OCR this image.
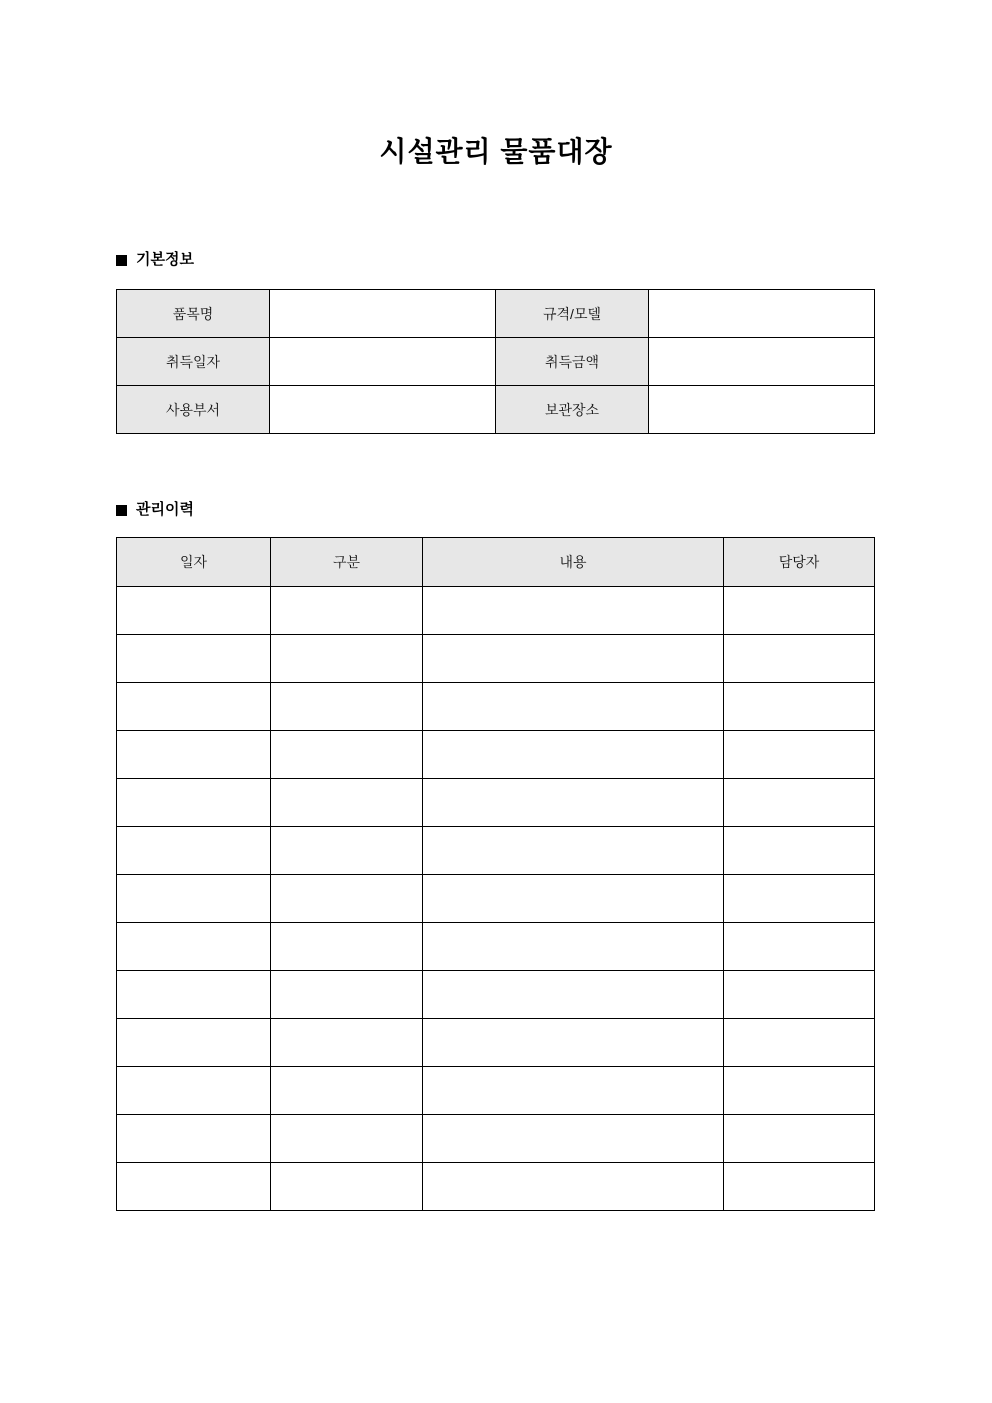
시설관리 물품대장
기본정보
품목명		규격/모델	
취득일자		취득금액	
사용부서		보관장소	
관리이력
일자	구분	내용	담당자
